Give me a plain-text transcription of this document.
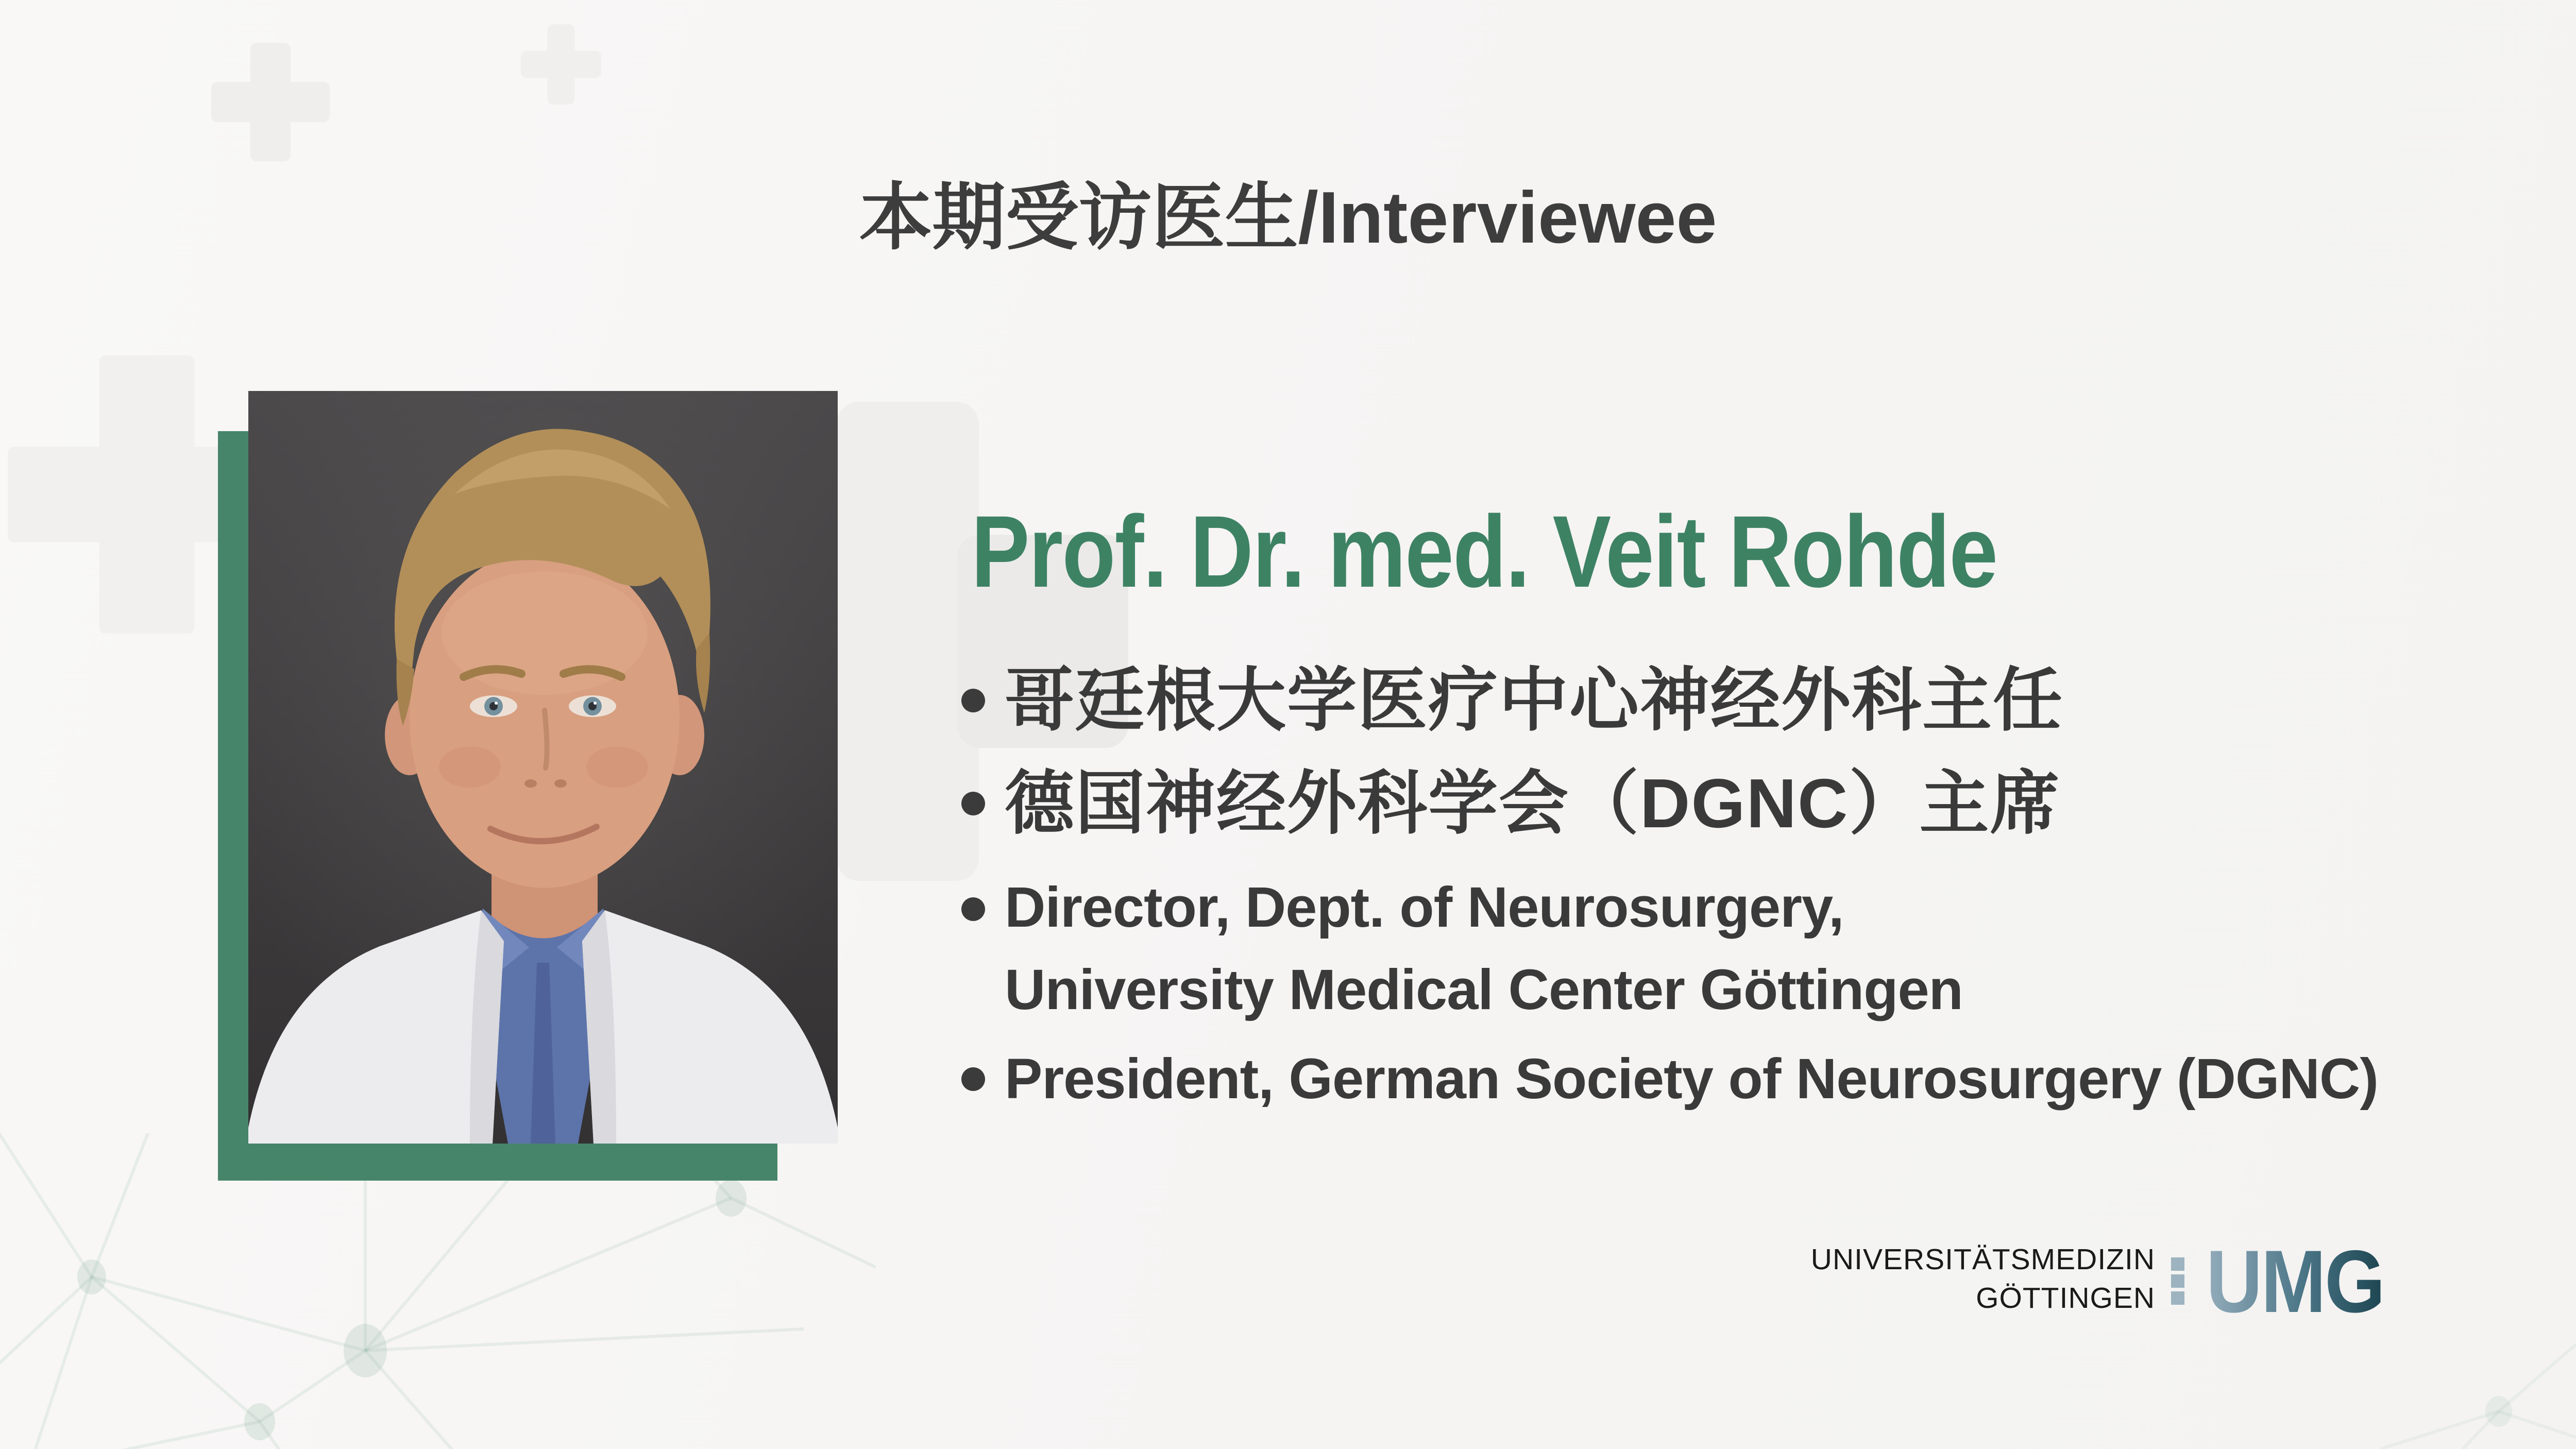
本期受访医生/Interviewee
Prof. Dr. med. Veit Rohde
哥廷根大学医疗中心神经外科主任
德国神经外科学会（DGNC）主席
Director, Dept. of Neurosurgery,
University Medical Center Göttingen
President, German Society of Neurosurgery (DGNC)
UNIVERSITÄTSMEDIZIN
GÖTTINGEN UMG
